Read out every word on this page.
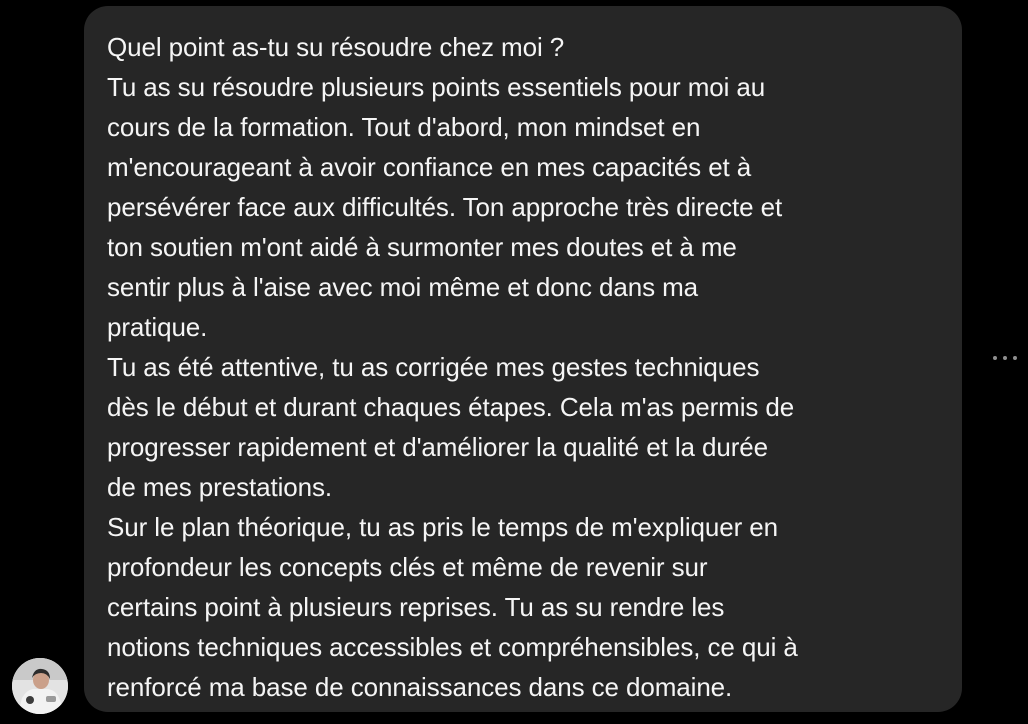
Quel point as-tu su résoudre chez moi ?
Tu as su résoudre plusieurs points essentiels pour moi au
cours de la formation. Tout d'abord, mon mindset en
m'encourageant à avoir confiance en mes capacités et à
persévérer face aux difficultés. Ton approche très directe et
ton soutien m'ont aidé à surmonter mes doutes et à me
sentir plus à l'aise avec moi même et donc dans ma
pratique.
Tu as été attentive, tu as corrigée mes gestes techniques
dès le début et durant chaques étapes. Cela m'as permis de
progresser rapidement et d'améliorer la qualité et la durée
de mes prestations.
Sur le plan théorique, tu as pris le temps de m'expliquer en
profondeur les concepts clés et même de revenir sur
certains point à plusieurs reprises. Tu as su rendre les
notions techniques accessibles et compréhensibles, ce qui à
renforcé ma base de connaissances dans ce domaine.
